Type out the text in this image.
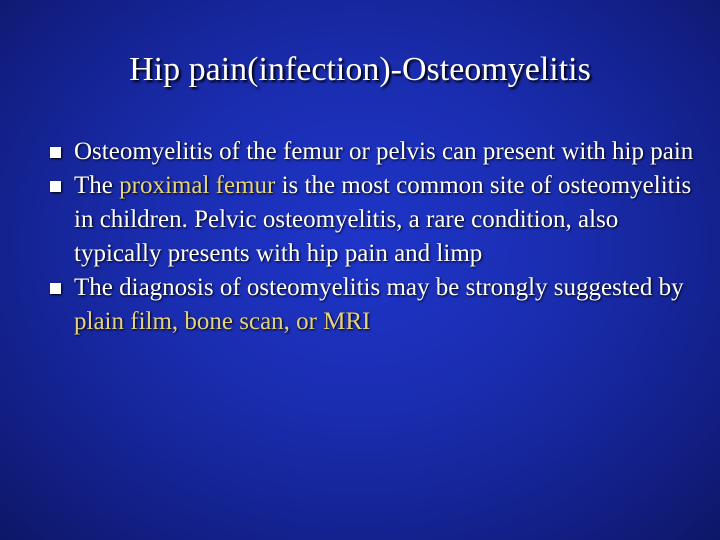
Hip pain(infection)-Osteomyelitis
Osteomyelitis of the femur or pelvis can present with hip pain
The proximal femur is the most common site of osteomyelitis in children. Pelvic osteomyelitis, a rare condition, also typically presents with hip pain and limp
The diagnosis of osteomyelitis may be strongly suggested by plain film, bone scan, or MRI
